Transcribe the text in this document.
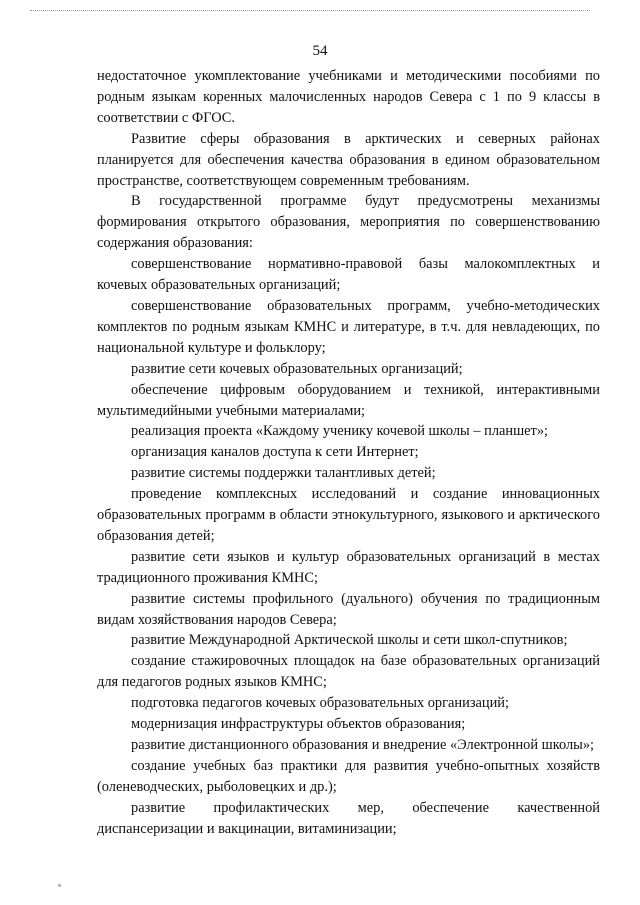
54

недостаточное укомплектование учебниками и методическими пособиями по родным языкам коренных малочисленных народов Севера с 1 по 9 классы в соответствии с ФГОС.

Развитие сферы образования в арктических и северных районах планируется для обеспечения качества образования в едином образовательном пространстве, соответствующем современным требованиям.

В государственной программе будут предусмотрены механизмы формирования открытого образования, мероприятия по совершенствованию содержания образования:

совершенствование нормативно-правовой базы малокомплектных и кочевых образовательных организаций;

совершенствование образовательных программ, учебно-методических комплектов по родным языкам КМНС и литературе, в т.ч. для невладеющих, по национальной культуре и фольклору;

развитие сети кочевых образовательных организаций;

обеспечение цифровым оборудованием и техникой, интерактивными мультимедийными учебными материалами;

реализация проекта «Каждому ученику кочевой школы – планшет»;

организация каналов доступа к сети Интернет;

развитие системы поддержки талантливых детей;

проведение комплексных исследований и создание инновационных образовательных программ в области этнокультурного, языкового и арктического образования детей;

развитие сети языков и культур образовательных организаций в местах традиционного проживания КМНС;

развитие системы профильного (дуального) обучения по традиционным видам хозяйствования народов Севера;

развитие Международной Арктической школы и сети школ-спутников;

создание стажировочных площадок на базе образовательных организаций для педагогов родных языков КМНС;

подготовка педагогов кочевых образовательных организаций;

модернизация инфраструктуры объектов образования;

развитие дистанционного образования и внедрение «Электронной школы»;

создание учебных баз практики для развития учебно-опытных хозяйств (оленеводческих, рыболовецких и др.);

развитие профилактических мер, обеспечение качественной диспансеризации и вакцинации, витаминизации;
